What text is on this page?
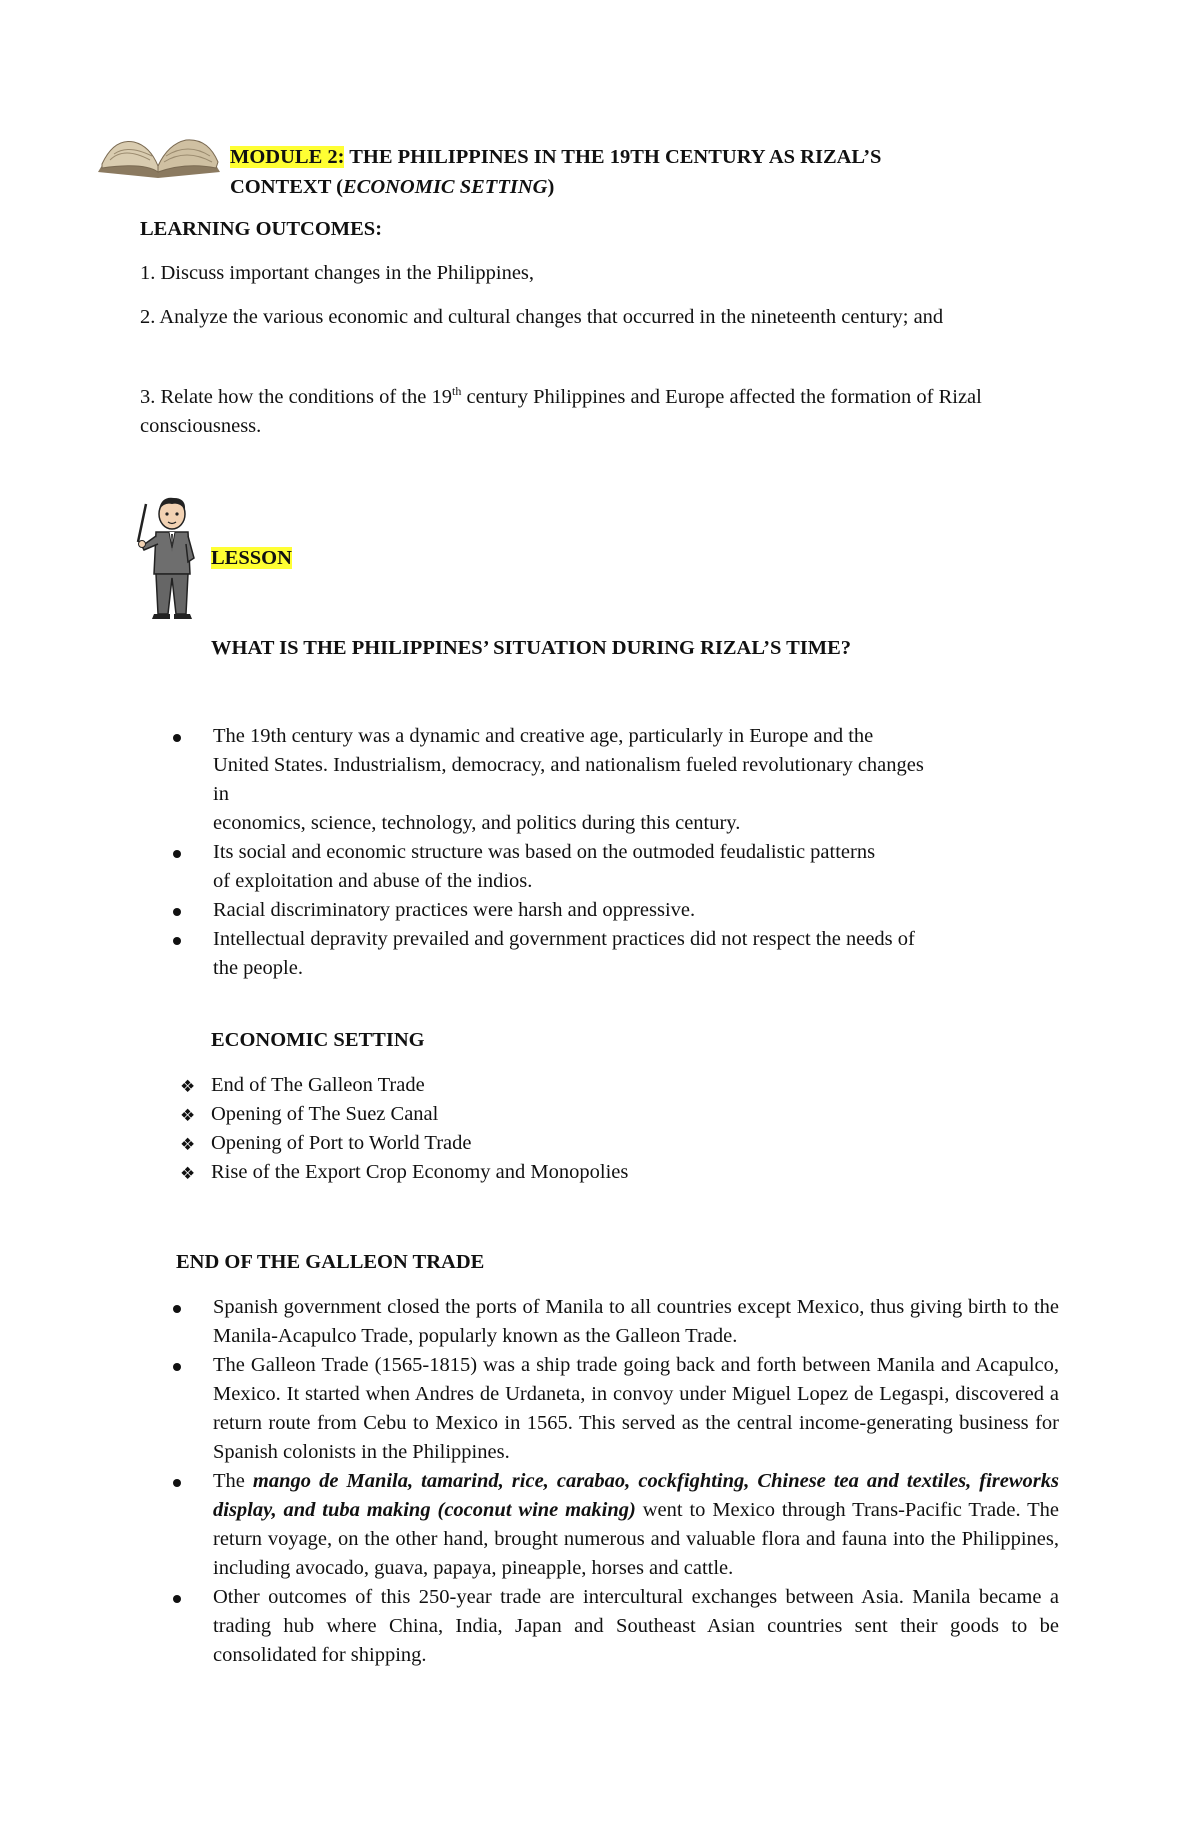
MODULE 2: THE PHILIPPINES IN THE 19TH CENTURY AS RIZAL’S
CONTEXT (ECONOMIC SETTING)
LEARNING OUTCOMES:
1. Discuss important changes in the Philippines,
2. Analyze the various economic and cultural changes that occurred in the nineteenth century; and
3. Relate how the conditions of the 19th century Philippines and Europe affected the formation of Rizal consciousness.
LESSON
WHAT IS THE PHILIPPINES’ SITUATION DURING RIZAL’S TIME?
The 19th century was a dynamic and creative age, particularly in Europe and the
United States. Industrialism, democracy, and nationalism fueled revolutionary changes
in
economics, science, technology, and politics during this century.
Its social and economic structure was based on the outmoded feudalistic patterns
of exploitation and abuse of the indios.
Racial discriminatory practices were harsh and oppressive.
Intellectual depravity prevailed and government practices did not respect the needs of
the people.
ECONOMIC SETTING
❖ End of The Galleon Trade
❖ Opening of The Suez Canal
❖ Opening of Port to World Trade
❖ Rise of the Export Crop Economy and Monopolies
END OF THE GALLEON TRADE
Spanish government closed the ports of Manila to all countries except Mexico, thus giving birth to the Manila-Acapulco Trade, popularly known as the Galleon Trade.
The Galleon Trade (1565-1815) was a ship trade going back and forth between Manila and Acapulco, Mexico. It started when Andres de Urdaneta, in convoy under Miguel Lopez de Legaspi, discovered a return route from Cebu to Mexico in 1565. This served as the central income-generating business for Spanish colonists in the Philippines.
The mango de Manila, tamarind, rice, carabao, cockfighting, Chinese tea and textiles, fireworks display, and tuba making (coconut wine making) went to Mexico through Trans-Pacific Trade. The return voyage, on the other hand, brought numerous and valuable flora and fauna into the Philippines, including avocado, guava, papaya, pineapple, horses and cattle.
Other outcomes of this 250-year trade are intercultural exchanges between Asia. Manila became a trading hub where China, India, Japan and Southeast Asian countries sent their goods to be consolidated for shipping.
